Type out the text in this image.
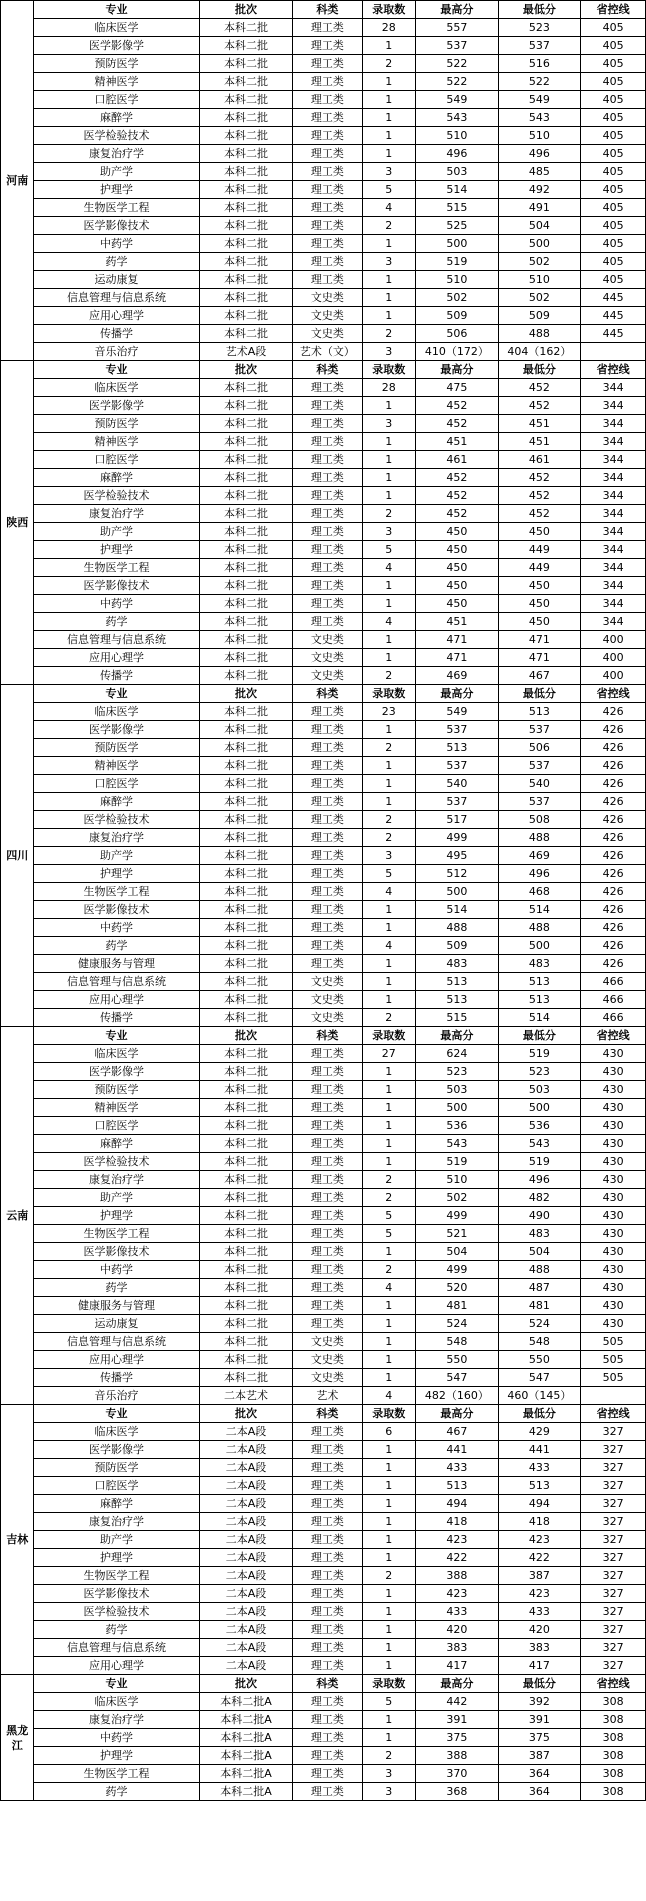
河南	专业	批次	科类	录取数	最高分	最低分	省控线
	临床医学	本科二批	理工类	28	557	523	405
	医学影像学	本科二批	理工类	1	537	537	405
	预防医学	本科二批	理工类	2	522	516	405
	精神医学	本科二批	理工类	1	522	522	405
	口腔医学	本科二批	理工类	1	549	549	405
	麻醉学	本科二批	理工类	1	543	543	405
	医学检验技术	本科二批	理工类	1	510	510	405
	康复治疗学	本科二批	理工类	1	496	496	405
	助产学	本科二批	理工类	3	503	485	405
	护理学	本科二批	理工类	5	514	492	405
	生物医学工程	本科二批	理工类	4	515	491	405
	医学影像技术	本科二批	理工类	2	525	504	405
	中药学	本科二批	理工类	1	500	500	405
	药学	本科二批	理工类	3	519	502	405
	运动康复	本科二批	理工类	1	510	510	405
	信息管理与信息系统	本科二批	文史类	1	502	502	445
	应用心理学	本科二批	文史类	1	509	509	445
	传播学	本科二批	文史类	2	506	488	445
	音乐治疗	艺术A段	艺术（文）	3	410（172）	404（162）	
陕西	专业	批次	科类	录取数	最高分	最低分	省控线
	临床医学	本科二批	理工类	28	475	452	344
	医学影像学	本科二批	理工类	1	452	452	344
	预防医学	本科二批	理工类	3	452	451	344
	精神医学	本科二批	理工类	1	451	451	344
	口腔医学	本科二批	理工类	1	461	461	344
	麻醉学	本科二批	理工类	1	452	452	344
	医学检验技术	本科二批	理工类	1	452	452	344
	康复治疗学	本科二批	理工类	2	452	452	344
	助产学	本科二批	理工类	3	450	450	344
	护理学	本科二批	理工类	5	450	449	344
	生物医学工程	本科二批	理工类	4	450	449	344
	医学影像技术	本科二批	理工类	1	450	450	344
	中药学	本科二批	理工类	1	450	450	344
	药学	本科二批	理工类	4	451	450	344
	信息管理与信息系统	本科二批	文史类	1	471	471	400
	应用心理学	本科二批	文史类	1	471	471	400
	传播学	本科二批	文史类	2	469	467	400
四川	专业	批次	科类	录取数	最高分	最低分	省控线
	临床医学	本科二批	理工类	23	549	513	426
	医学影像学	本科二批	理工类	1	537	537	426
	预防医学	本科二批	理工类	2	513	506	426
	精神医学	本科二批	理工类	1	537	537	426
	口腔医学	本科二批	理工类	1	540	540	426
	麻醉学	本科二批	理工类	1	537	537	426
	医学检验技术	本科二批	理工类	2	517	508	426
	康复治疗学	本科二批	理工类	2	499	488	426
	助产学	本科二批	理工类	3	495	469	426
	护理学	本科二批	理工类	5	512	496	426
	生物医学工程	本科二批	理工类	4	500	468	426
	医学影像技术	本科二批	理工类	1	514	514	426
	中药学	本科二批	理工类	1	488	488	426
	药学	本科二批	理工类	4	509	500	426
	健康服务与管理	本科二批	理工类	1	483	483	426
	信息管理与信息系统	本科二批	文史类	1	513	513	466
	应用心理学	本科二批	文史类	1	513	513	466
	传播学	本科二批	文史类	2	515	514	466
云南	专业	批次	科类	录取数	最高分	最低分	省控线
	临床医学	本科二批	理工类	27	624	519	430
	医学影像学	本科二批	理工类	1	523	523	430
	预防医学	本科二批	理工类	1	503	503	430
	精神医学	本科二批	理工类	1	500	500	430
	口腔医学	本科二批	理工类	1	536	536	430
	麻醉学	本科二批	理工类	1	543	543	430
	医学检验技术	本科二批	理工类	1	519	519	430
	康复治疗学	本科二批	理工类	2	510	496	430
	助产学	本科二批	理工类	2	502	482	430
	护理学	本科二批	理工类	5	499	490	430
	生物医学工程	本科二批	理工类	5	521	483	430
	医学影像技术	本科二批	理工类	1	504	504	430
	中药学	本科二批	理工类	2	499	488	430
	药学	本科二批	理工类	4	520	487	430
	健康服务与管理	本科二批	理工类	1	481	481	430
	运动康复	本科二批	理工类	1	524	524	430
	信息管理与信息系统	本科二批	文史类	1	548	548	505
	应用心理学	本科二批	文史类	1	550	550	505
	传播学	本科二批	文史类	1	547	547	505
	音乐治疗	二本艺术	艺术	4	482（160）	460（145）	
吉林	专业	批次	科类	录取数	最高分	最低分	省控线
	临床医学	二本A段	理工类	6	467	429	327
	医学影像学	二本A段	理工类	1	441	441	327
	预防医学	二本A段	理工类	1	433	433	327
	口腔医学	二本A段	理工类	1	513	513	327
	麻醉学	二本A段	理工类	1	494	494	327
	康复治疗学	二本A段	理工类	1	418	418	327
	助产学	二本A段	理工类	1	423	423	327
	护理学	二本A段	理工类	1	422	422	327
	生物医学工程	二本A段	理工类	2	388	387	327
	医学影像技术	二本A段	理工类	1	423	423	327
	医学检验技术	二本A段	理工类	1	433	433	327
	药学	二本A段	理工类	1	420	420	327
	信息管理与信息系统	二本A段	理工类	1	383	383	327
	应用心理学	二本A段	理工类	1	417	417	327
黑龙江	专业	批次	科类	录取数	最高分	最低分	省控线
	临床医学	本科二批A	理工类	5	442	392	308
	康复治疗学	本科二批A	理工类	1	391	391	308
	中药学	本科二批A	理工类	1	375	375	308
	护理学	本科二批A	理工类	2	388	387	308
	生物医学工程	本科二批A	理工类	3	370	364	308
	药学	本科二批A	理工类	3	368	364	308
